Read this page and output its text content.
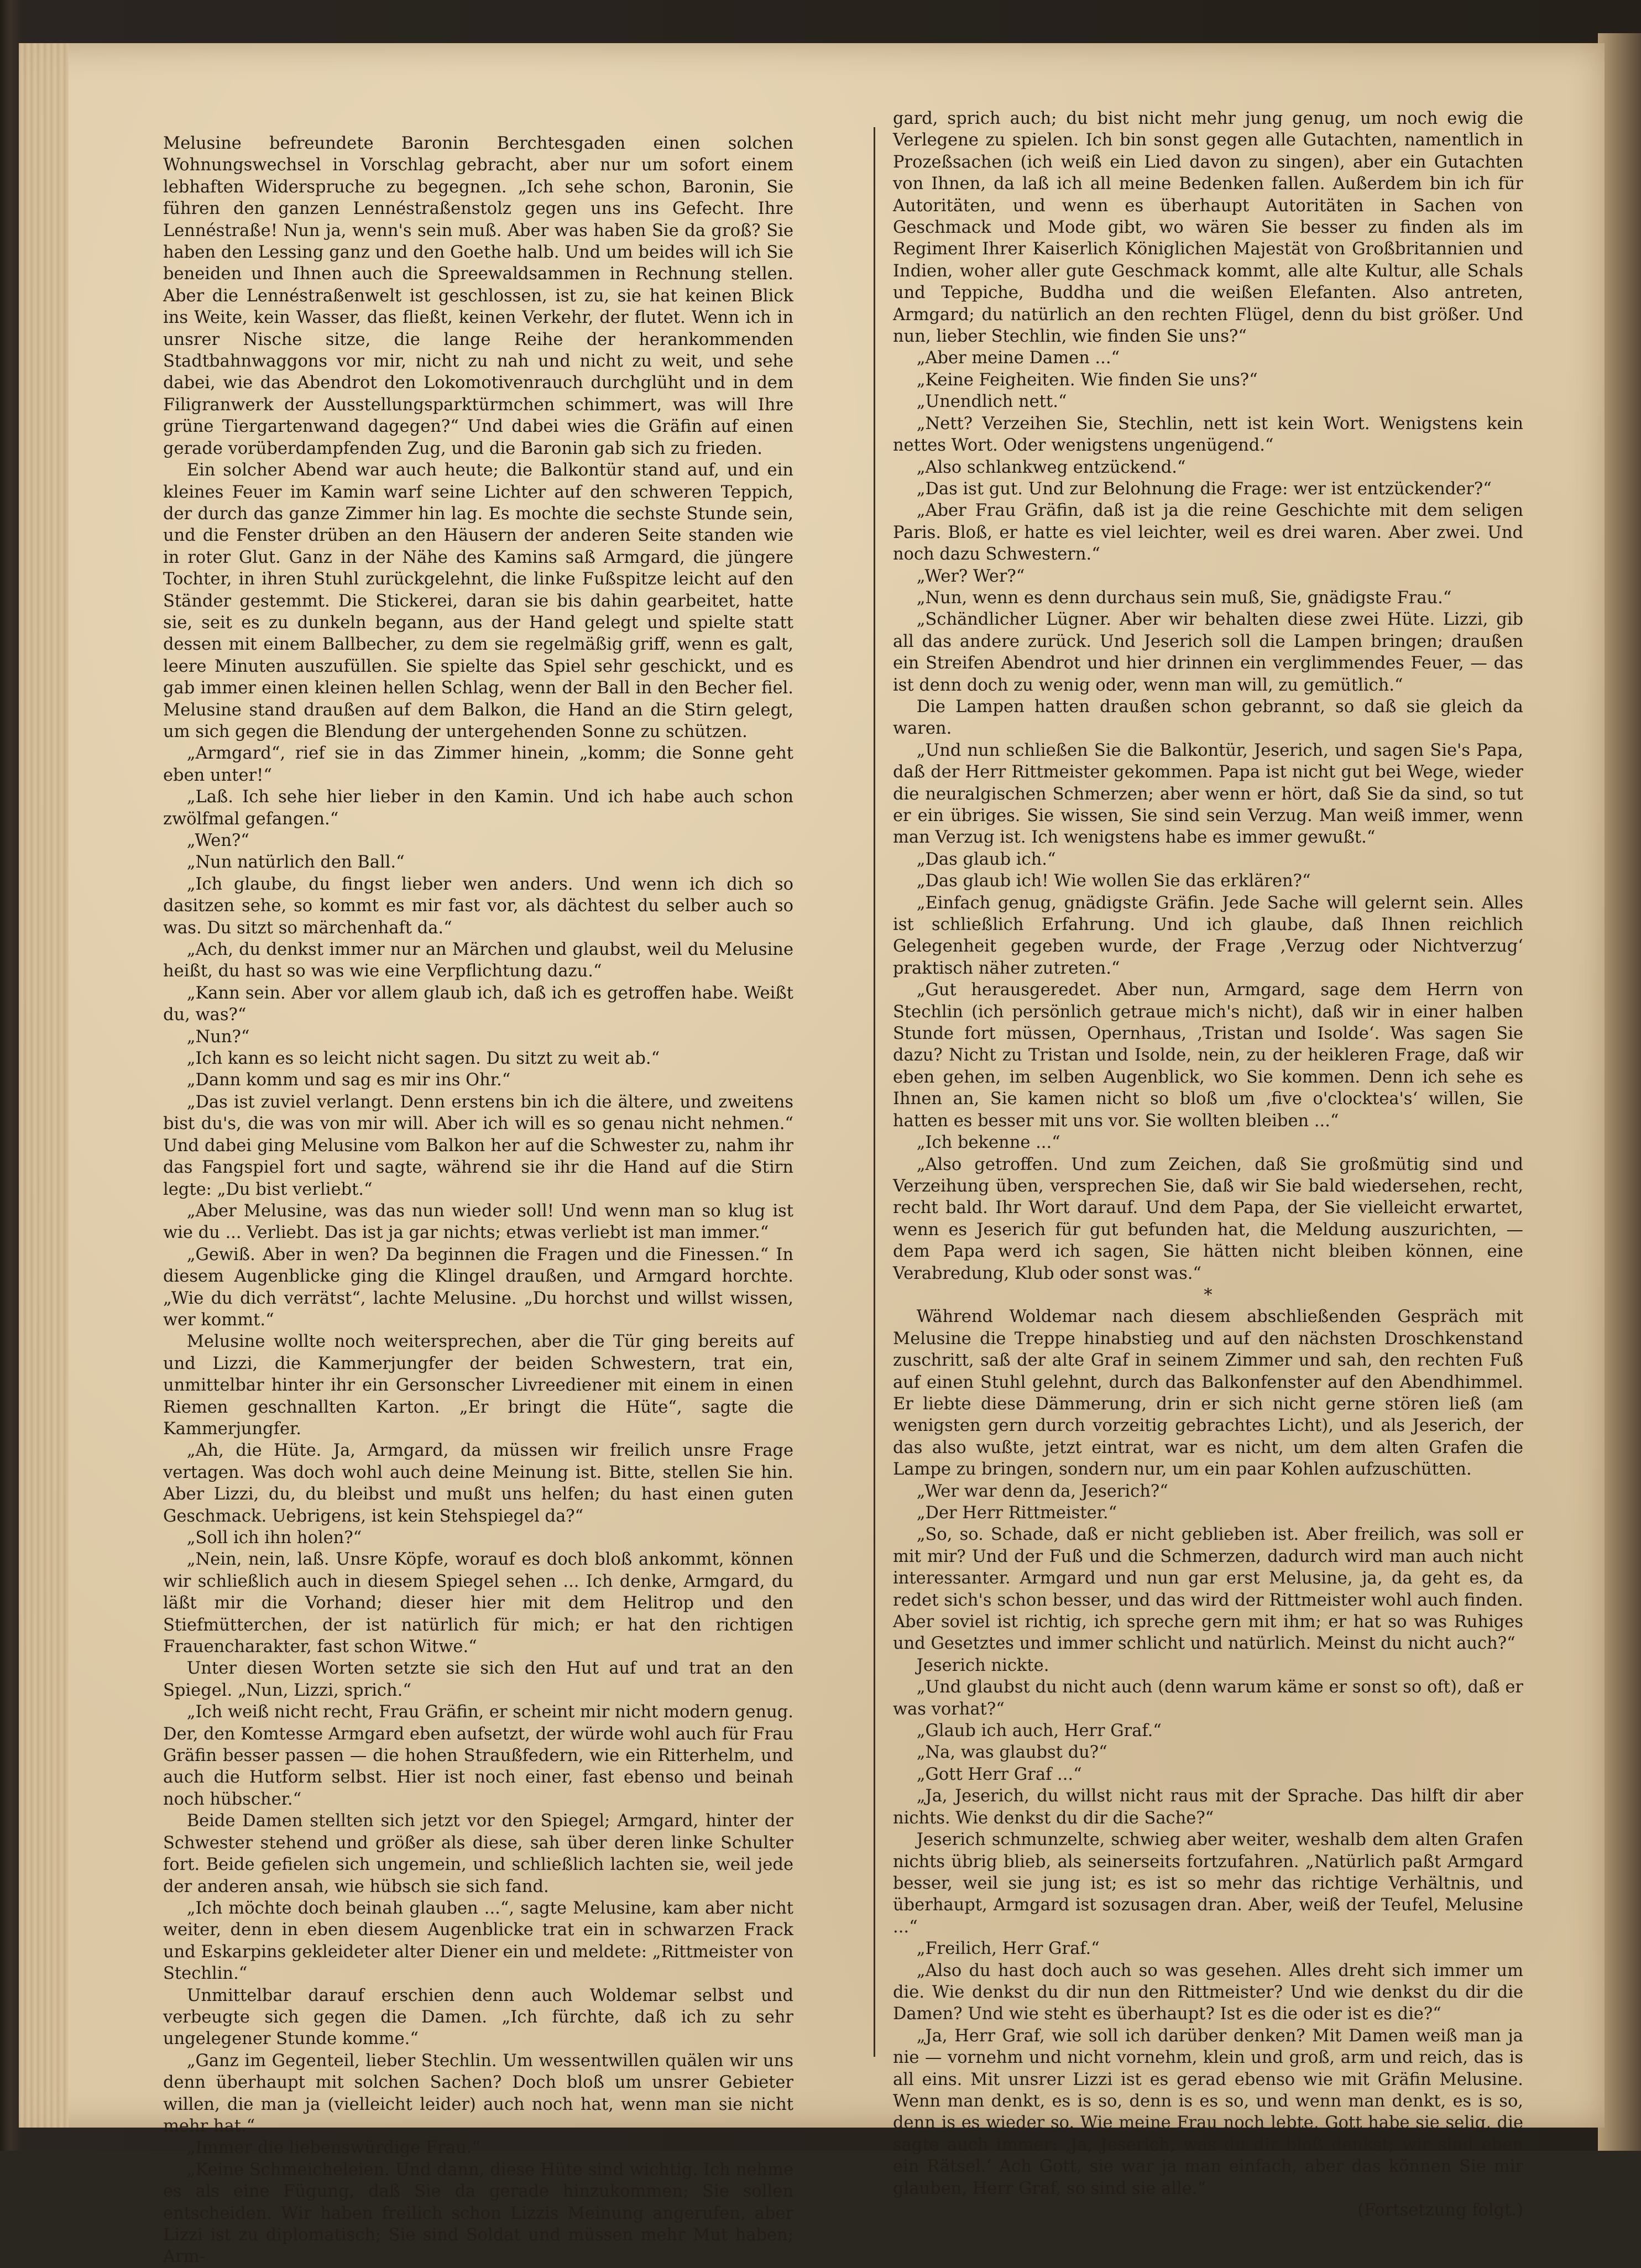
Melusine befreundete Baronin Berchtesgaden einen solchen Wohnungswechsel in Vorschlag gebracht, aber nur um sofort einem lebhaften Widerspruche zu begegnen. „Ich sehe schon, Baronin, Sie führen den ganzen Lennéstraßenstolz gegen uns ins Gefecht. Ihre Lennéstraße! Nun ja, wenn's sein muß. Aber was haben Sie da groß? Sie haben den Lessing ganz und den Goethe halb. Und um beides will ich Sie beneiden und Ihnen auch die Spreewaldsammen in Rechnung stellen. Aber die Lennéstraßenwelt ist geschlossen, ist zu, sie hat keinen Blick ins Weite, kein Wasser, das fließt, keinen Verkehr, der flutet. Wenn ich in unsrer Nische sitze, die lange Reihe der herankommenden Stadtbahnwaggons vor mir, nicht zu nah und nicht zu weit, und sehe dabei, wie das Abendrot den Lokomotivenrauch durchglüht und in dem Filigranwerk der Ausstellungsparktürmchen schimmert, was will Ihre grüne Tiergartenwand dagegen?“ Und dabei wies die Gräfin auf einen gerade vorüberdampfenden Zug, und die Baronin gab sich zu frieden.

Ein solcher Abend war auch heute; die Balkontür stand auf, und ein kleines Feuer im Kamin warf seine Lichter auf den schweren Teppich, der durch das ganze Zimmer hin lag. Es mochte die sechste Stunde sein, und die Fenster drüben an den Häusern der anderen Seite standen wie in roter Glut. Ganz in der Nähe des Kamins saß Armgard, die jüngere Tochter, in ihren Stuhl zurückgelehnt, die linke Fußspitze leicht auf den Ständer gestemmt. Die Stickerei, daran sie bis dahin gearbeitet, hatte sie, seit es zu dunkeln begann, aus der Hand gelegt und spielte statt dessen mit einem Ballbecher, zu dem sie regelmäßig griff, wenn es galt, leere Minuten auszufüllen. Sie spielte das Spiel sehr geschickt, und es gab immer einen kleinen hellen Schlag, wenn der Ball in den Becher fiel. Melusine stand draußen auf dem Balkon, die Hand an die Stirn gelegt, um sich gegen die Blendung der untergehenden Sonne zu schützen.

„Armgard“, rief sie in das Zimmer hinein, „komm; die Sonne geht eben unter!“

„Laß. Ich sehe hier lieber in den Kamin. Und ich habe auch schon zwölfmal gefangen.“

„Wen?“

„Nun natürlich den Ball.“

„Ich glaube, du fingst lieber wen anders. Und wenn ich dich so dasitzen sehe, so kommt es mir fast vor, als dächtest du selber auch so was. Du sitzt so märchenhaft da.“

„Ach, du denkst immer nur an Märchen und glaubst, weil du Melusine heißt, du hast so was wie eine Verpflichtung dazu.“

„Kann sein. Aber vor allem glaub ich, daß ich es getroffen habe. Weißt du, was?“

„Nun?“

„Ich kann es so leicht nicht sagen. Du sitzt zu weit ab.“

„Dann komm und sag es mir ins Ohr.“

„Das ist zuviel verlangt. Denn erstens bin ich die ältere, und zweitens bist du's, die was von mir will. Aber ich will es so genau nicht nehmen.“ Und dabei ging Melusine vom Balkon her auf die Schwester zu, nahm ihr das Fangspiel fort und sagte, während sie ihr die Hand auf die Stirn legte: „Du bist verliebt.“

„Aber Melusine, was das nun wieder soll! Und wenn man so klug ist wie du ... Verliebt. Das ist ja gar nichts; etwas verliebt ist man immer.“

„Gewiß. Aber in wen? Da beginnen die Fragen und die Finessen.“ In diesem Augenblicke ging die Klingel draußen, und Armgard horchte. „Wie du dich verrätst“, lachte Melusine. „Du horchst und willst wissen, wer kommt.“

Melusine wollte noch weitersprechen, aber die Tür ging bereits auf und Lizzi, die Kammerjungfer der beiden Schwestern, trat ein, unmittelbar hinter ihr ein Gersonscher Livreediener mit einem in einen Riemen geschnallten Karton. „Er bringt die Hüte“, sagte die Kammerjungfer.

„Ah, die Hüte. Ja, Armgard, da müssen wir freilich unsre Frage vertagen. Was doch wohl auch deine Meinung ist. Bitte, stellen Sie hin. Aber Lizzi, du, du bleibst und mußt uns helfen; du hast einen guten Geschmack. Uebrigens, ist kein Stehspiegel da?“

„Soll ich ihn holen?“

„Nein, nein, laß. Unsre Köpfe, worauf es doch bloß ankommt, können wir schließlich auch in diesem Spiegel sehen ... Ich denke, Armgard, du läßt mir die Vorhand; dieser hier mit dem Helitrop und den Stiefmütterchen, der ist natürlich für mich; er hat den richtigen Frauencharakter, fast schon Witwe.“

Unter diesen Worten setzte sie sich den Hut auf und trat an den Spiegel. „Nun, Lizzi, sprich.“

„Ich weiß nicht recht, Frau Gräfin, er scheint mir nicht modern genug. Der, den Komtesse Armgard eben aufsetzt, der würde wohl auch für Frau Gräfin besser passen — die hohen Straußfedern, wie ein Ritterhelm, und auch die Hutform selbst. Hier ist noch einer, fast ebenso und beinah noch hübscher.“

Beide Damen stellten sich jetzt vor den Spiegel; Armgard, hinter der Schwester stehend und größer als diese, sah über deren linke Schulter fort. Beide gefielen sich ungemein, und schließlich lachten sie, weil jede der anderen ansah, wie hübsch sie sich fand.

„Ich möchte doch beinah glauben ...“, sagte Melusine, kam aber nicht weiter, denn in eben diesem Augenblicke trat ein in schwarzen Frack und Eskarpins gekleideter alter Diener ein und meldete: „Rittmeister von Stechlin.“

Unmittelbar darauf erschien denn auch Woldemar selbst und verbeugte sich gegen die Damen. „Ich fürchte, daß ich zu sehr ungelegener Stunde komme.“

„Ganz im Gegenteil, lieber Stechlin. Um wessentwillen quälen wir uns denn überhaupt mit solchen Sachen? Doch bloß um unsrer Gebieter willen, die man ja (vielleicht leider) auch noch hat, wenn man sie nicht mehr hat.“

„Immer die liebenswürdige Frau.“

„Keine Schmeicheleien. Und dann, diese Hüte sind wichtig. Ich nehme es als eine Fügung, daß Sie da gerade hinzukommen; Sie sollen entscheiden. Wir haben freilich schon Lizzis Meinung angerufen, aber Lizzi ist zu diplomatisch; Sie sind Soldat und müssen mehr Mut haben; Arm-

gard, sprich auch; du bist nicht mehr jung genug, um noch ewig die Verlegene zu spielen. Ich bin sonst gegen alle Gutachten, namentlich in Prozeßsachen (ich weiß ein Lied davon zu singen), aber ein Gutachten von Ihnen, da laß ich all meine Bedenken fallen. Außerdem bin ich für Autoritäten, und wenn es überhaupt Autoritäten in Sachen von Geschmack und Mode gibt, wo wären Sie besser zu finden als im Regiment Ihrer Kaiserlich Königlichen Majestät von Großbritannien und Indien, woher aller gute Geschmack kommt, alle alte Kultur, alle Schals und Teppiche, Buddha und die weißen Elefanten. Also antreten, Armgard; du natürlich an den rechten Flügel, denn du bist größer. Und nun, lieber Stechlin, wie finden Sie uns?“

„Aber meine Damen ...“

„Keine Feigheiten. Wie finden Sie uns?“

„Unendlich nett.“

„Nett? Verzeihen Sie, Stechlin, nett ist kein Wort. Wenigstens kein nettes Wort. Oder wenigstens ungenügend.“

„Also schlankweg entzückend.“

„Das ist gut. Und zur Belohnung die Frage: wer ist entzückender?“

„Aber Frau Gräfin, daß ist ja die reine Geschichte mit dem seligen Paris. Bloß, er hatte es viel leichter, weil es drei waren. Aber zwei. Und noch dazu Schwestern.“

„Wer? Wer?“

„Nun, wenn es denn durchaus sein muß, Sie, gnädigste Frau.“

„Schändlicher Lügner. Aber wir behalten diese zwei Hüte. Lizzi, gib all das andere zurück. Und Jeserich soll die Lampen bringen; draußen ein Streifen Abendrot und hier drinnen ein verglimmendes Feuer, — das ist denn doch zu wenig oder, wenn man will, zu gemütlich.“

Die Lampen hatten draußen schon gebrannt, so daß sie gleich da waren.

„Und nun schließen Sie die Balkontür, Jeserich, und sagen Sie's Papa, daß der Herr Rittmeister gekommen. Papa ist nicht gut bei Wege, wieder die neuralgischen Schmerzen; aber wenn er hört, daß Sie da sind, so tut er ein übriges. Sie wissen, Sie sind sein Verzug. Man weiß immer, wenn man Verzug ist. Ich wenigstens habe es immer gewußt.“

„Das glaub ich.“

„Das glaub ich! Wie wollen Sie das erklären?“

„Einfach genug, gnädigste Gräfin. Jede Sache will gelernt sein. Alles ist schließlich Erfahrung. Und ich glaube, daß Ihnen reichlich Gelegenheit gegeben wurde, der Frage ‚Verzug oder Nichtverzug‘ praktisch näher zutreten.“

„Gut herausgeredet. Aber nun, Armgard, sage dem Herrn von Stechlin (ich persönlich getraue mich's nicht), daß wir in einer halben Stunde fort müssen, Opernhaus, ‚Tristan und Isolde‘. Was sagen Sie dazu? Nicht zu Tristan und Isolde, nein, zu der heikleren Frage, daß wir eben gehen, im selben Augenblick, wo Sie kommen. Denn ich sehe es Ihnen an, Sie kamen nicht so bloß um ‚five o'clocktea's‘ willen, Sie hatten es besser mit uns vor. Sie wollten bleiben ...“

„Ich bekenne ...“

„Also getroffen. Und zum Zeichen, daß Sie großmütig sind und Verzeihung üben, versprechen Sie, daß wir Sie bald wiedersehen, recht, recht bald. Ihr Wort darauf. Und dem Papa, der Sie vielleicht erwartet, wenn es Jeserich für gut befunden hat, die Meldung auszurichten, — dem Papa werd ich sagen, Sie hätten nicht bleiben können, eine Verabredung, Klub oder sonst was.“

*

Während Woldemar nach diesem abschließenden Gespräch mit Melusine die Treppe hinabstieg und auf den nächsten Droschkenstand zuschritt, saß der alte Graf in seinem Zimmer und sah, den rechten Fuß auf einen Stuhl gelehnt, durch das Balkonfenster auf den Abendhimmel. Er liebte diese Dämmerung, drin er sich nicht gerne stören ließ (am wenigsten gern durch vorzeitig gebrachtes Licht), und als Jeserich, der das also wußte, jetzt eintrat, war es nicht, um dem alten Grafen die Lampe zu bringen, sondern nur, um ein paar Kohlen aufzuschütten.

„Wer war denn da, Jeserich?“

„Der Herr Rittmeister.“

„So, so. Schade, daß er nicht geblieben ist. Aber freilich, was soll er mit mir? Und der Fuß und die Schmerzen, dadurch wird man auch nicht interessanter. Armgard und nun gar erst Melusine, ja, da geht es, da redet sich's schon besser, und das wird der Rittmeister wohl auch finden. Aber soviel ist richtig, ich spreche gern mit ihm; er hat so was Ruhiges und Gesetztes und immer schlicht und natürlich. Meinst du nicht auch?“

Jeserich nickte.

„Und glaubst du nicht auch (denn warum käme er sonst so oft), daß er was vorhat?“

„Glaub ich auch, Herr Graf.“

„Na, was glaubst du?“

„Gott Herr Graf ...“

„Ja, Jeserich, du willst nicht raus mit der Sprache. Das hilft dir aber nichts. Wie denkst du dir die Sache?“

Jeserich schmunzelte, schwieg aber weiter, weshalb dem alten Grafen nichts übrig blieb, als seinerseits fortzufahren. „Natürlich paßt Armgard besser, weil sie jung ist; es ist so mehr das richtige Verhältnis, und überhaupt, Armgard ist sozusagen dran. Aber, weiß der Teufel, Melusine ...“

„Freilich, Herr Graf.“

„Also du hast doch auch so was gesehen. Alles dreht sich immer um die. Wie denkst du dir nun den Rittmeister? Und wie denkst du dir die Damen? Und wie steht es überhaupt? Ist es die oder ist es die?“

„Ja, Herr Graf, wie soll ich darüber denken? Mit Damen weiß man ja nie — vornehm und nicht vornehm, klein und groß, arm und reich, das is all eins. Mit unsrer Lizzi ist es gerad ebenso wie mit Gräfin Melusine. Wenn man denkt, es is so, denn is es so, und wenn man denkt, es is so, denn is es wieder so. Wie meine Frau noch lebte, Gott habe sie selig, die sagte auch immer: ‚Ja, Jeserich, was du dir bloß denkst; wir sind eben ein Rätsel.‘ Ach Gott, sie war ja man einfach, aber das können Sie mir glauben, Herr Graf, so sind sie alle.“

(Fortsetzung folgt.)
